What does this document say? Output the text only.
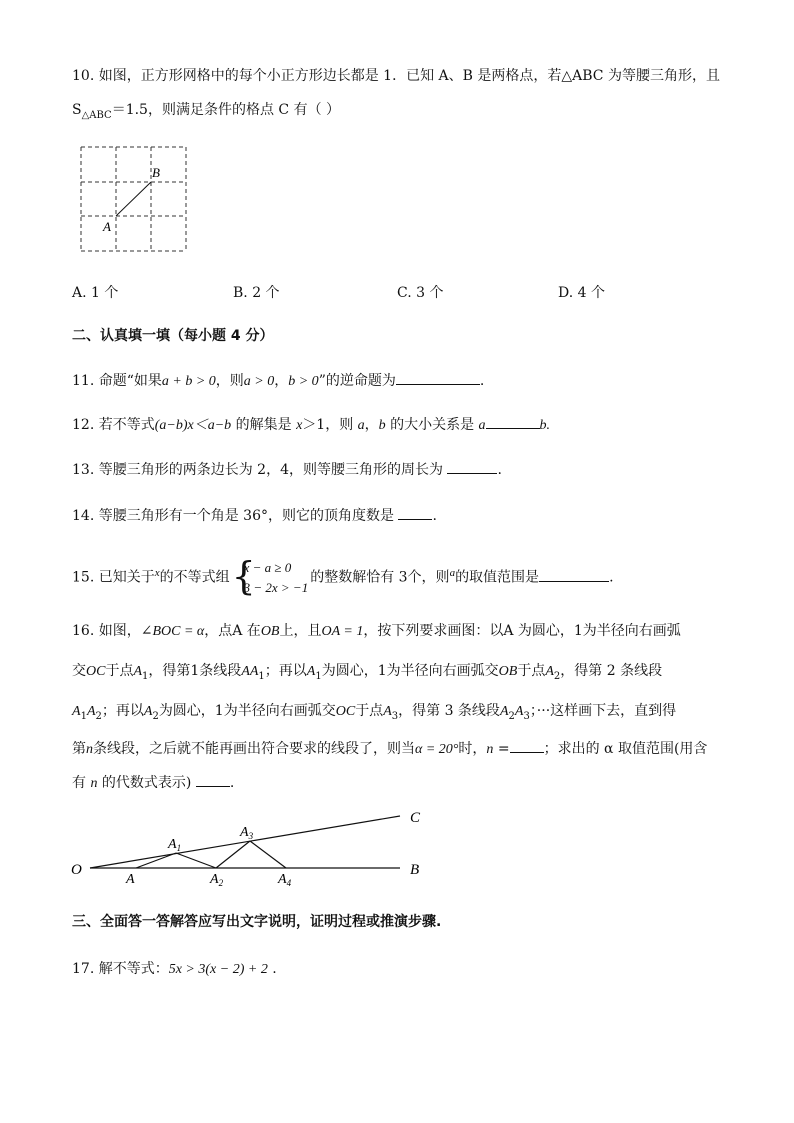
10. 如图，正方形网格中的每个小正方形边长都是 1．已知 A、B 是两格点，若△ABC 为等腰三角形，且
$S_{\triangle ABC}=1.5$，则满足条件的格点 C 有（ ）
B
A
A. 1 个	B. 2 个	C. 3 个	D. 4 个
二、认真填一填（每小题 4 分）
11. 命题“如果a + b > 0，则a > 0，b > 0”的逆命题为	.
12. 若不等式(a−b)x＜a−b 的解集是 x＞1，则 a，b 的大小关系是 a	b.
13. 等腰三角形的两条边长为 2，4，则等腰三角形的周长为	.
14. 等腰三角形有一个角是 36°，则它的顶角度数是 .
15. 已知关于$^x$的不等式组 {
x − a ≥ 0
3 − 2x > −1
的整数解恰有 3个，则$^a$的取值范围是	.
16. 如图，∠BOC = α，点A 在OB上，且OA = 1，按下列要求画图：以A 为圆心，1为半径向右画弧
交OC于点$A_1$，得第1条线段$AA_1$；再以$A_1$为圆心，1为半径向右画弧交OB于点$A_2$，得第 2 条线段
$A_1A_2$；再以$A_2$为圆心，1为半径向右画弧交OC于点$A_3$，得第 3 条线段$A_2A_3$；···这样画下去，直到得
第n条线段，之后就不能再画出符合要求的线段了，则当α = 20°时，n = ；求出的 α 取值范围(用含
有 n 的代数式表示) .
O
A
$A_1$
$A_2$
$A_3$
$A_4$
B
C
三、全面答一答解答应写出文字说明，证明过程或推演步骤.
17. 解不等式：5x > 3(x − 2) + 2 .
